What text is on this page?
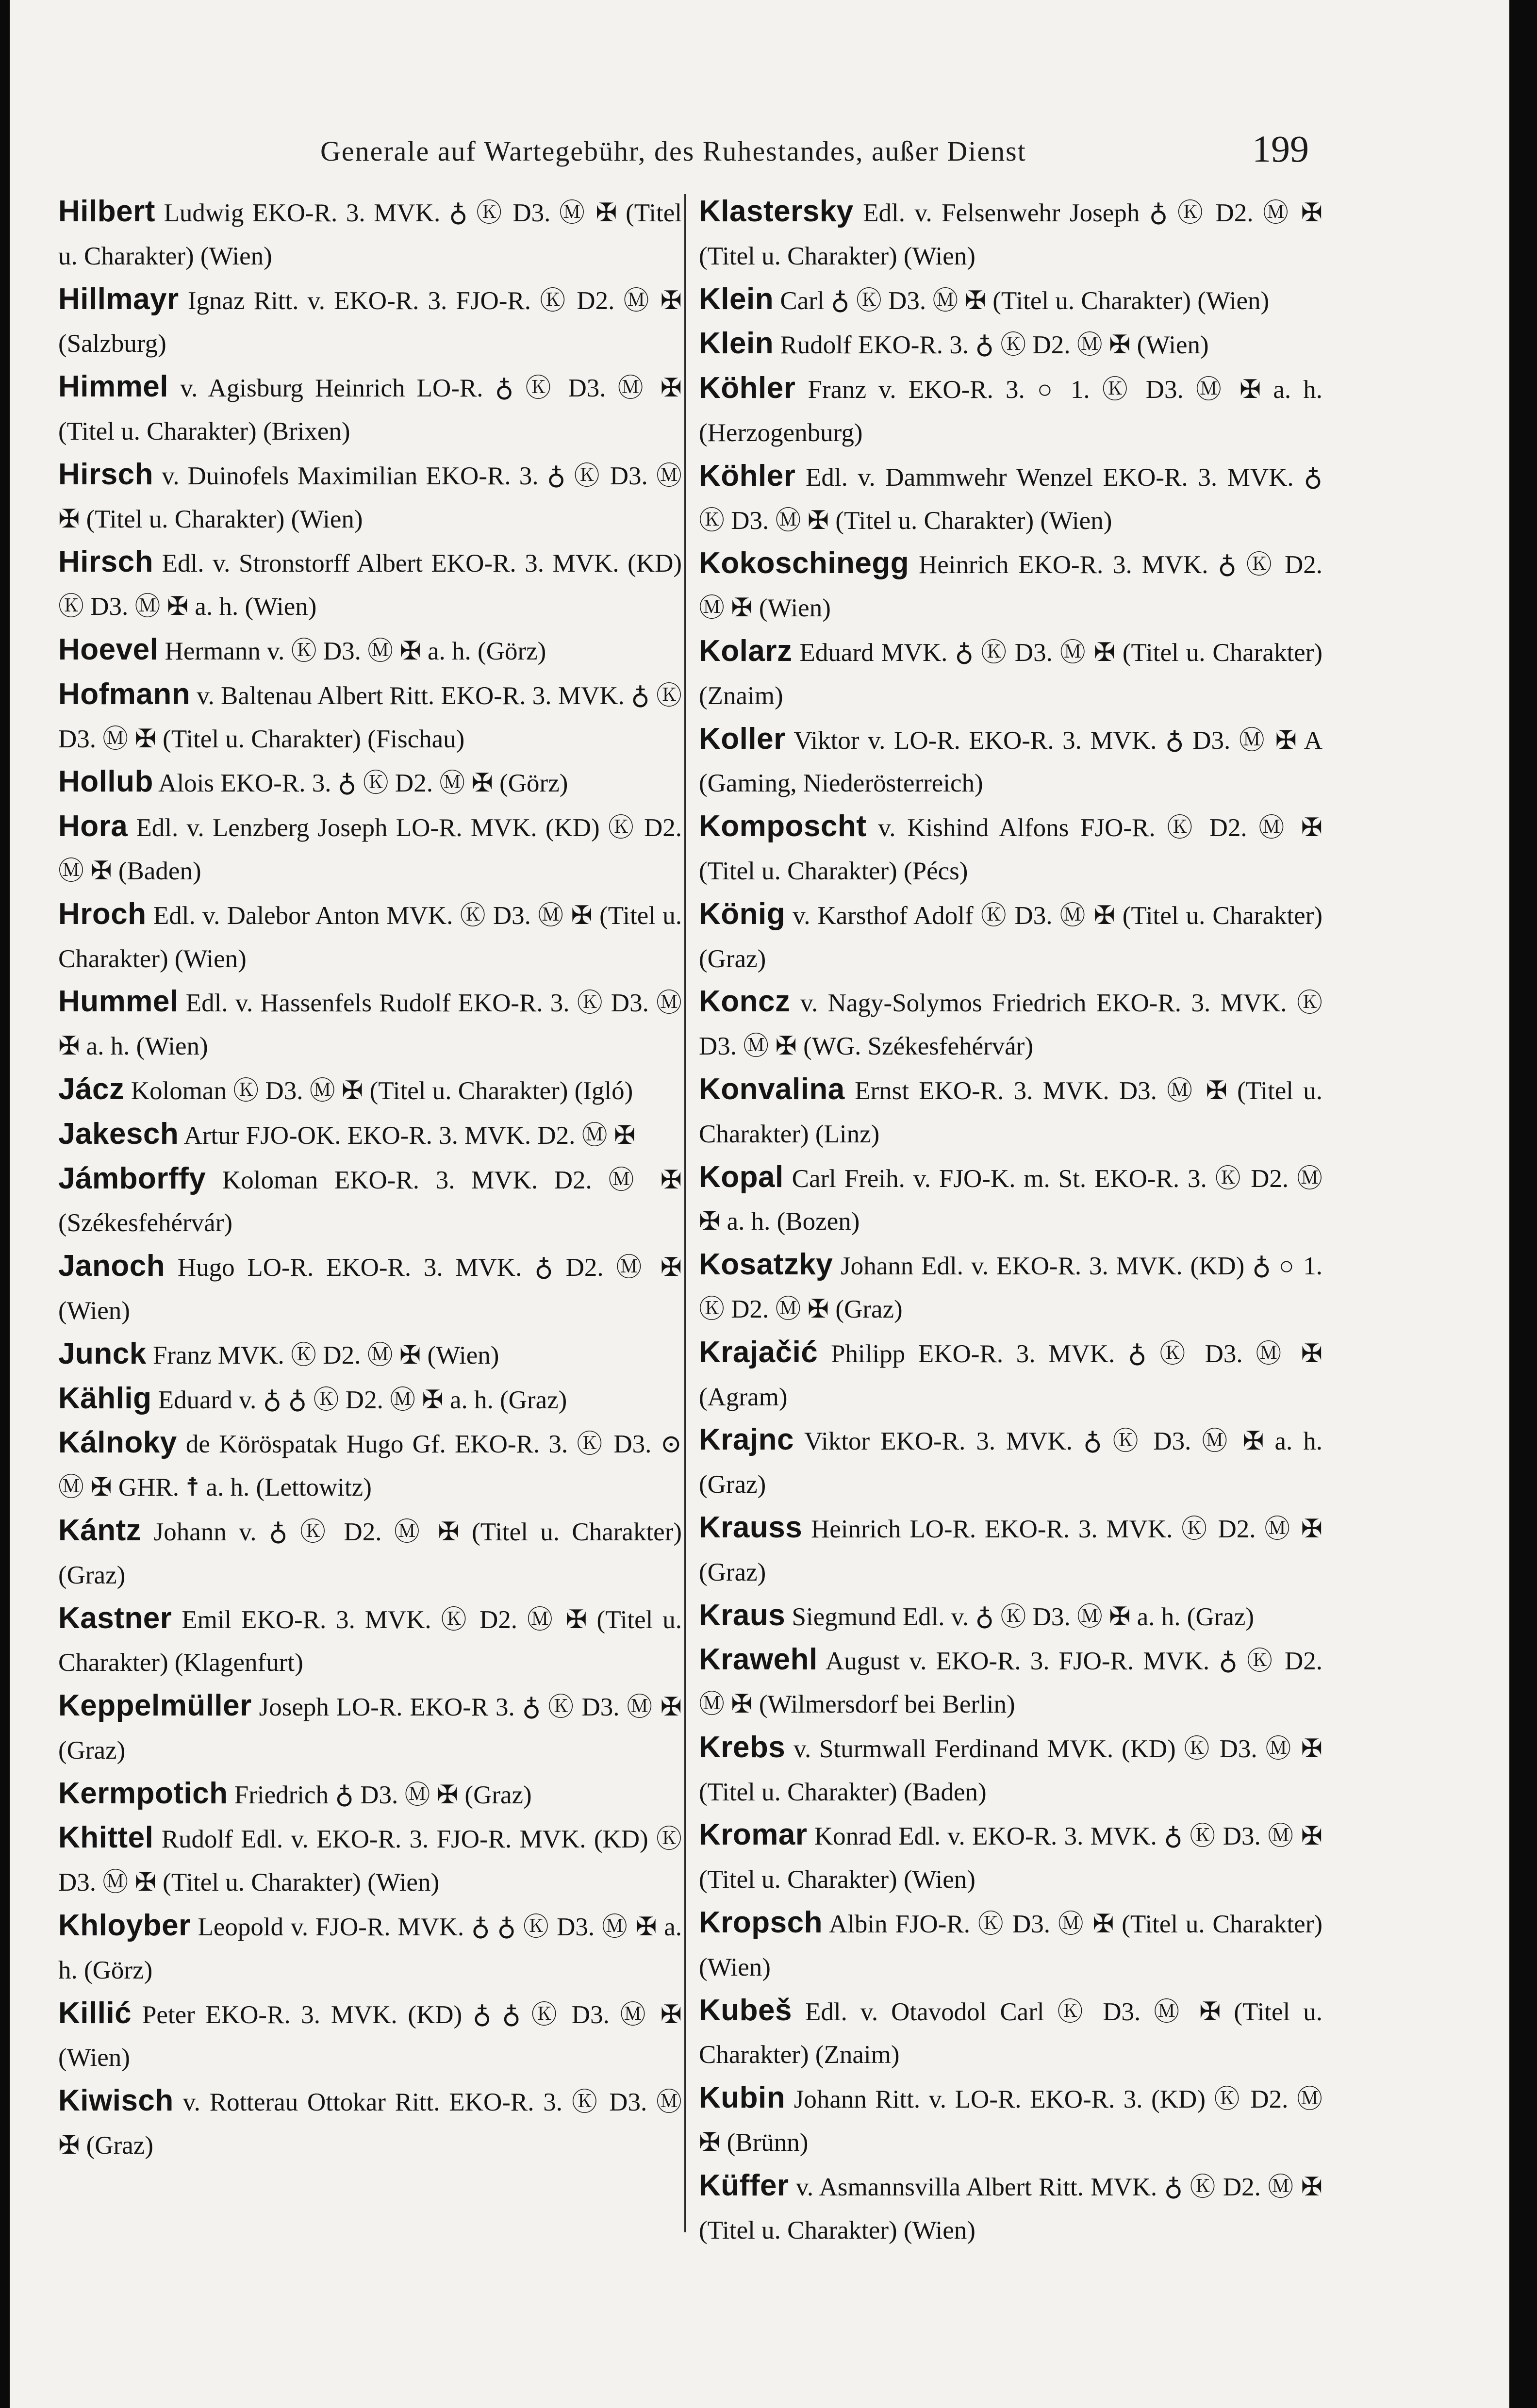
Generale auf Wartegebühr, des Ruhestandes, außer Dienst	199

Hilbert Ludwig EKO-R. 3. MVK. ♁ Ⓚ D3. Ⓜ ✠ (Titel u. Charakter) (Wien)

Hillmayr Ignaz Ritt. v. EKO-R. 3. FJO-R. Ⓚ D2. Ⓜ ✠ (Salzburg)

Himmel v. Agisburg Heinrich LO-R. ♁ Ⓚ D3. Ⓜ ✠ (Titel u. Charakter) (Brixen)

Hirsch v. Duinofels Maximilian EKO-R. 3. ♁ Ⓚ D3. Ⓜ ✠ (Titel u. Charakter) (Wien)

Hirsch Edl. v. Stronstorff Albert EKO-R. 3. MVK. (KD) Ⓚ D3. Ⓜ ✠ a. h. (Wien)

Hoevel Hermann v. Ⓚ D3. Ⓜ ✠ a. h. (Görz)

Hofmann v. Baltenau Albert Ritt. EKO-R. 3. MVK. ♁ Ⓚ D3. Ⓜ ✠ (Titel u. Charakter) (Fischau)

Hollub Alois EKO-R. 3. ♁ Ⓚ D2. Ⓜ ✠ (Görz)

Hora Edl. v. Lenzberg Joseph LO-R. MVK. (KD) Ⓚ D2. Ⓜ ✠ (Baden)

Hroch Edl. v. Dalebor Anton MVK. Ⓚ D3. Ⓜ ✠ (Titel u. Charakter) (Wien)

Hummel Edl. v. Hassenfels Rudolf EKO-R. 3. Ⓚ D3. Ⓜ ✠ a. h. (Wien)

Jácz Koloman Ⓚ D3. Ⓜ ✠ (Titel u. Charakter) (Igló)

Jakesch Artur FJO-OK. EKO-R. 3. MVK. D2. Ⓜ ✠

Jámborffy Koloman EKO-R. 3. MVK. D2. Ⓜ ✠ (Székesfehérvár)

Janoch Hugo LO-R. EKO-R. 3. MVK. ♁ D2. Ⓜ ✠ (Wien)

Junck Franz MVK. Ⓚ D2. Ⓜ ✠ (Wien)

Kählig Eduard v. ♁ ♁ Ⓚ D2. Ⓜ ✠ a. h. (Graz)

Kálnoky de Köröspatak Hugo Gf. EKO-R. 3. Ⓚ D3. ⊙ Ⓜ ✠ GHR. ☨ a. h. (Lettowitz)

Kántz Johann v. ♁ Ⓚ D2. Ⓜ ✠ (Titel u. Charakter) (Graz)

Kastner Emil EKO-R. 3. MVK. Ⓚ D2. Ⓜ ✠ (Titel u. Charakter) (Klagenfurt)

Keppelmüller Joseph LO-R. EKO-R 3. ♁ Ⓚ D3. Ⓜ ✠ (Graz)

Kermpotich Friedrich ♁ D3. Ⓜ ✠ (Graz)

Khittel Rudolf Edl. v. EKO-R. 3. FJO-R. MVK. (KD) Ⓚ D3. Ⓜ ✠ (Titel u. Charakter) (Wien)

Khloyber Leopold v. FJO-R. MVK. ♁ ♁ Ⓚ D3. Ⓜ ✠ a. h. (Görz)

Killić Peter EKO-R. 3. MVK. (KD) ♁ ♁ Ⓚ D3. Ⓜ ✠ (Wien)

Kiwisch v. Rotterau Ottokar Ritt. EKO-R. 3. Ⓚ D3. Ⓜ ✠ (Graz)

Klastersky Edl. v. Felsenwehr Joseph ♁ Ⓚ D2. Ⓜ ✠ (Titel u. Charakter) (Wien)

Klein Carl ♁ Ⓚ D3. Ⓜ ✠ (Titel u. Charakter) (Wien)

Klein Rudolf EKO-R. 3. ♁ Ⓚ D2. Ⓜ ✠ (Wien)

Köhler Franz v. EKO-R. 3. ○ 1. Ⓚ D3. Ⓜ ✠ a. h. (Herzogenburg)

Köhler Edl. v. Dammwehr Wenzel EKO-R. 3. MVK. ♁ Ⓚ D3. Ⓜ ✠ (Titel u. Charakter) (Wien)

Kokoschinegg Heinrich EKO-R. 3. MVK. ♁ Ⓚ D2. Ⓜ ✠ (Wien)

Kolarz Eduard MVK. ♁ Ⓚ D3. Ⓜ ✠ (Titel u. Charakter) (Znaim)

Koller Viktor v. LO-R. EKO-R. 3. MVK. ♁ D3. Ⓜ ✠ A (Gaming, Niederösterreich)

Komposcht v. Kishind Alfons FJO-R. Ⓚ D2. Ⓜ ✠ (Titel u. Charakter) (Pécs)

König v. Karsthof Adolf Ⓚ D3. Ⓜ ✠ (Titel u. Charakter) (Graz)

Koncz v. Nagy-Solymos Friedrich EKO-R. 3. MVK. Ⓚ D3. Ⓜ ✠ (WG. Székesfehérvár)

Konvalina Ernst EKO-R. 3. MVK. D3. Ⓜ ✠ (Titel u. Charakter) (Linz)

Kopal Carl Freih. v. FJO-K. m. St. EKO-R. 3. Ⓚ D2. Ⓜ ✠ a. h. (Bozen)

Kosatzky Johann Edl. v. EKO-R. 3. MVK. (KD) ♁ ○ 1. Ⓚ D2. Ⓜ ✠ (Graz)

Krajačić Philipp EKO-R. 3. MVK. ♁ Ⓚ D3. Ⓜ ✠ (Agram)

Krajnc Viktor EKO-R. 3. MVK. ♁ Ⓚ D3. Ⓜ ✠ a. h. (Graz)

Krauss Heinrich LO-R. EKO-R. 3. MVK. Ⓚ D2. Ⓜ ✠ (Graz)

Kraus Siegmund Edl. v. ♁ Ⓚ D3. Ⓜ ✠ a. h. (Graz)

Krawehl August v. EKO-R. 3. FJO-R. MVK. ♁ Ⓚ D2. Ⓜ ✠ (Wilmersdorf bei Berlin)

Krebs v. Sturmwall Ferdinand MVK. (KD) Ⓚ D3. Ⓜ ✠ (Titel u. Charakter) (Baden)

Kromar Konrad Edl. v. EKO-R. 3. MVK. ♁ Ⓚ D3. Ⓜ ✠ (Titel u. Charakter) (Wien)

Kropsch Albin FJO-R. Ⓚ D3. Ⓜ ✠ (Titel u. Charakter) (Wien)

Kubeš Edl. v. Otavodol Carl Ⓚ D3. Ⓜ ✠ (Titel u. Charakter) (Znaim)

Kubin Johann Ritt. v. LO-R. EKO-R. 3. (KD) Ⓚ D2. Ⓜ ✠ (Brünn)

Küffer v. Asmannsvilla Albert Ritt. MVK. ♁ Ⓚ D2. Ⓜ ✠ (Titel u. Charakter) (Wien)
